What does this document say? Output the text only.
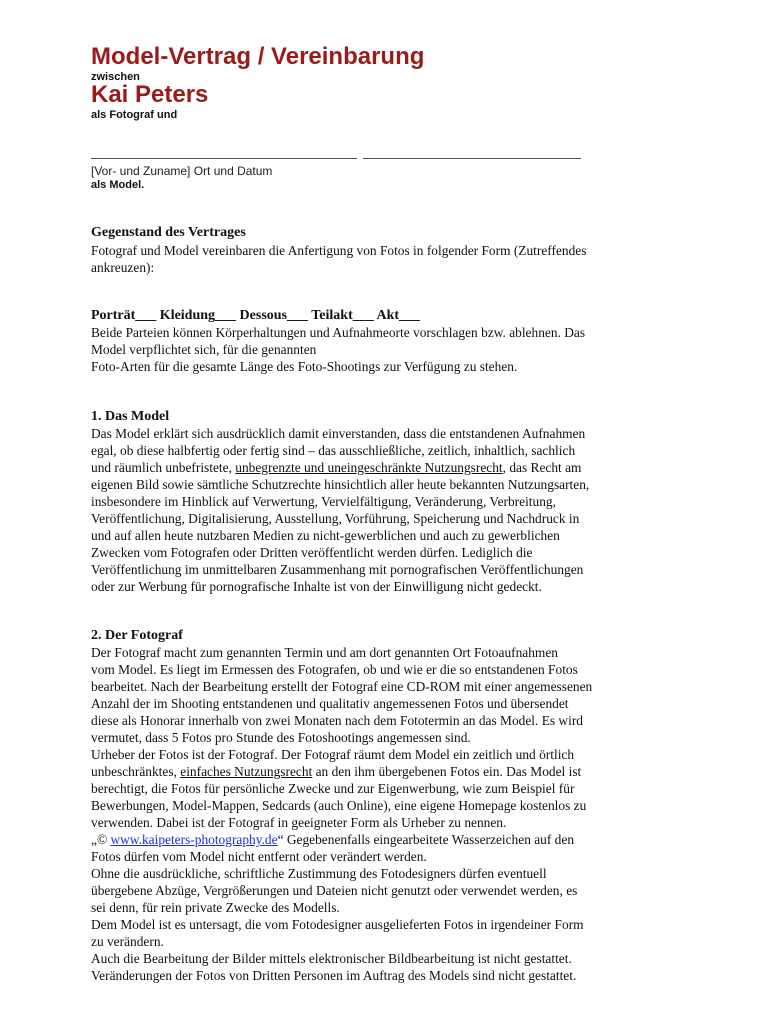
Model-Vertrag / Vereinbarung
zwischen
Kai Peters
als Fotograf und
[Vor- und Zuname] Ort und Datum
als Model.
Gegenstand des Vertrages
Fotograf und Model vereinbaren die Anfertigung von Fotos in folgender Form (Zutreffendes
ankreuzen):
Porträt___ Kleidung___ Dessous___ Teilakt___ Akt___
Beide Parteien können Körperhaltungen und Aufnahmeorte vorschlagen bzw. ablehnen. Das
Model verpflichtet sich, für die genannten
Foto-Arten für die gesamte Länge des Foto-Shootings zur Verfügung zu stehen.
1. Das Model
Das Model erklärt sich ausdrücklich damit einverstanden, dass die entstandenen Aufnahmen
egal, ob diese halbfertig oder fertig sind – das ausschließliche, zeitlich, inhaltlich, sachlich
und räumlich unbefristete, unbegrenzte und uneingeschränkte Nutzungsrecht, das Recht am
eigenen Bild sowie sämtliche Schutzrechte hinsichtlich aller heute bekannten Nutzungsarten,
insbesondere im Hinblick auf Verwertung, Vervielfältigung, Veränderung, Verbreitung,
Veröffentlichung, Digitalisierung, Ausstellung, Vorführung, Speicherung und Nachdruck in
und auf allen heute nutzbaren Medien zu nicht-gewerblichen und auch zu gewerblichen
Zwecken vom Fotografen oder Dritten veröffentlicht werden dürfen. Lediglich die
Veröffentlichung im unmittelbaren Zusammenhang mit pornografischen Veröffentlichungen
oder zur Werbung für pornografische Inhalte ist von der Einwilligung nicht gedeckt.
2. Der Fotograf
Der Fotograf macht zum genannten Termin und am dort genannten Ort Fotoaufnahmen
vom Model. Es liegt im Ermessen des Fotografen, ob und wie er die so entstandenen Fotos
bearbeitet. Nach der Bearbeitung erstellt der Fotograf eine CD-ROM mit einer angemessenen
Anzahl der im Shooting entstandenen und qualitativ angemessenen Fotos und übersendet
diese als Honorar innerhalb von zwei Monaten nach dem Fototermin an das Model. Es wird
vermutet, dass 5 Fotos pro Stunde des Fotoshootings angemessen sind.
Urheber der Fotos ist der Fotograf. Der Fotograf räumt dem Model ein zeitlich und örtlich
unbeschränktes, einfaches Nutzungsrecht an den ihm übergebenen Fotos ein. Das Model ist
berechtigt, die Fotos für persönliche Zwecke und zur Eigenwerbung, wie zum Beispiel für
Bewerbungen, Model-Mappen, Sedcards (auch Online), eine eigene Homepage kostenlos zu
verwenden. Dabei ist der Fotograf in geeigneter Form als Urheber zu nennen.
„© www.kaipeters-photography.de“ Gegebenenfalls eingearbeitete Wasserzeichen auf den
Fotos dürfen vom Model nicht entfernt oder verändert werden.
Ohne die ausdrückliche, schriftliche Zustimmung des Fotodesigners dürfen eventuell
übergebene Abzüge, Vergrößerungen und Dateien nicht genutzt oder verwendet werden, es
sei denn, für rein private Zwecke des Modells.
Dem Model ist es untersagt, die vom Fotodesigner ausgelieferten Fotos in irgendeiner Form
zu verändern.
Auch die Bearbeitung der Bilder mittels elektronischer Bildbearbeitung ist nicht gestattet.
Veränderungen der Fotos von Dritten Personen im Auftrag des Models sind nicht gestattet.
